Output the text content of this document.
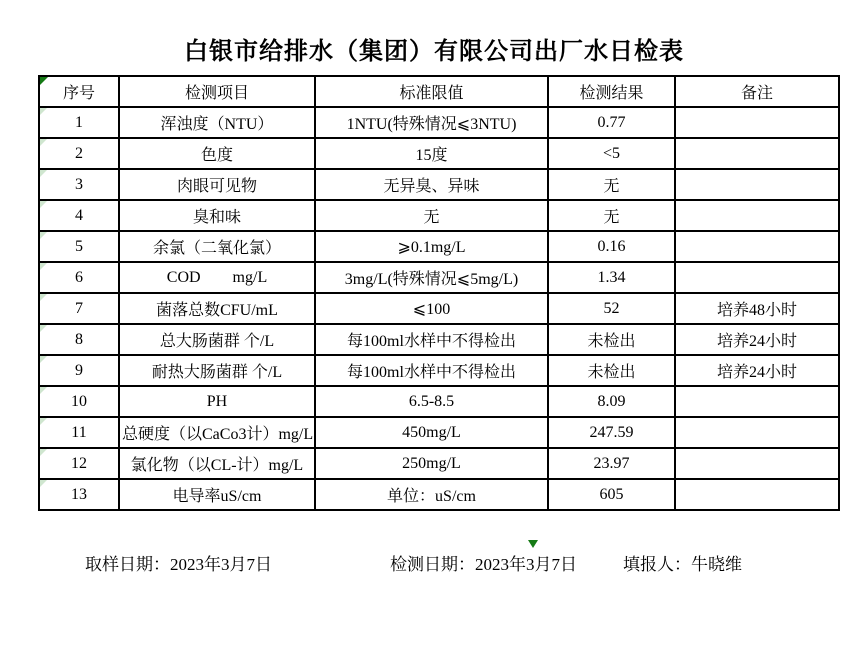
白银市给排水（集团）有限公司出厂水日检表
序号	检测项目	标准限值	检测结果	备注
1	浑浊度（NTU）	1NTU(特殊情况⩽3NTU)	0.77	
2	色度	15度	<5	
3	肉眼可见物	无异臭、异味	无	
4	臭和味	无	无	
5	余氯（二氧化氯）	⩾0.1mg/L	0.16	
6	COD        mg/L	3mg/L(特殊情况⩽5mg/L)	1.34	
7	菌落总数CFU/mL	⩽100	52	培养48小时
8	总大肠菌群 个/L	每100ml水样中不得检出	未检出	培养24小时
9	耐热大肠菌群 个/L	每100ml水样中不得检出	未检出	培养24小时
10	PH	6.5-8.5	8.09	
11	总硬度（以CaCo3计）mg/L	450mg/L	247.59	
12	氯化物（以CL-计）mg/L	250mg/L	23.97	
13	电导率uS/cm	单位：uS/cm	605	
取样日期：2023年3月7日	检测日期：2023年3月7日	填报人：牛晓维
